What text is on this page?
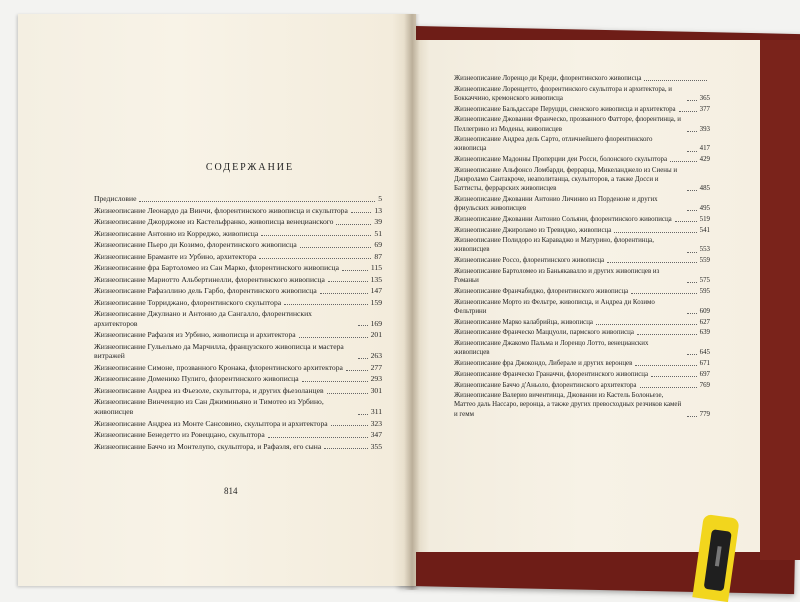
СОДЕРЖАНИЕ
Предисловие	5
Жизнеописание Леонардо да Винчи, флорентинского живописца и скульптора	13
Жизнеописание Джорджоне из Кастельфранко, живописца венецианского	39
Жизнеописание Антонио из Корреджо, живописца	51
Жизнеописание Пьеро ди Козимо, флорентинского живописца	69
Жизнеописание Браманте из Урбино, архитектора	87
Жизнеописание фра Бартоломео из Сан Марко, флорентинского живописца	115
Жизнеописание Мариотто Альбертинелли, флорентинского живописца	135
Жизнеописание Рафаэллино дель Гарбо, флорентинского живописца	147
Жизнеописание Торриджано, флорентинского скульптора	159
Жизнеописание Джулиано и Антонио да Сангалло, флорентинских архитекторов	169
Жизнеописание Рафаэля из Урбино, живописца и архитектора	201
Жизнеописание Гульельмо да Марчилла, французского живописца и мастера витражей	263
Жизнеописание Симоне, прозванного Кронака, флорентинского архитектора	277
Жизнеописание Доменико Пулиго, флорентинского живописца	293
Жизнеописание Андреа из Фьезоле, скульптора, и других фьезоланцев	301
Жизнеописание Винченцио из Сан Джиминьяно и Тимотео из Урбино, живописцев	311
Жизнеописание Андреа из Монте Сансовино, скульптора и архитектора	323
Жизнеописание Бенедетто из Ровеццано, скульптора	347
Жизнеописание Баччо из Монтелупо, скульптора, и Рафаэля, его сына	355
814
Жизнеописание Лоренцо ди Креди, флорентинского живописца
Жизнеописание Лоренцетто, флорентинского скульптора и архитектора, и Боккаччино, кремонского живописца	365
Жизнеописание Бальдассаре Перуцци, сиенского живописца и архитектора	377
Жизнеописание Джованни Франческо, прозванного Фатторе, флорентинца, и Пеллегрино из Модены, живописцев	393
Жизнеописание Андреа дель Сарто, отличнейшего флорентинского живописца	417
Жизнеописание Мадонны Проперции деи Росси, болонского скульптора	429
Жизнеописание Альфонсо Ломбарди, феррарца, Микеланджело из Сиены и Джироламо Сантакроче, неаполитанца, скульпторов, а также Досси и Баттисты, феррарских живописцев	485
Жизнеописание Джованни Антонио Личинио из Порденоне и других фриульских живописцев	495
Жизнеописание Джованни Антонио Сольяни, флорентинского живописца	519
Жизнеописание Джироламо из Тревиджо, живописца	541
Жизнеописание Полидоро из Караваджо и Матурино, флорентинца, живописцев	553
Жизнеописание Россо, флорентинского живописца	559
Жизнеописание Бартоломео из Баньякавалло и других живописцев из Романьи	575
Жизнеописание Франчабиджо, флорентинского живописца	595
Жизнеописание Морто из Фельтре, живописца, и Андреа ди Козимо Фельтрини	609
Жизнеописание Марко калабрийца, живописца	627
Жизнеописание Франческо Маццуоли, пармского живописца	639
Жизнеописание Джакомо Пальма и Лоренцо Лотто, венецианских живописцев	645
Жизнеописание фра Джокондо, Либерале и других веронцев	671
Жизнеописание Франческо Граначчи, флорентинского живописца	697
Жизнеописание Баччо д'Аньоло, флорентинского архитектора	769
Жизнеописание Валерио вичентинца, Джованни из Кастель Болоньезе, Маттео даль Нассаро, веронца, а также других превосходных резчиков камей и гемм	779
